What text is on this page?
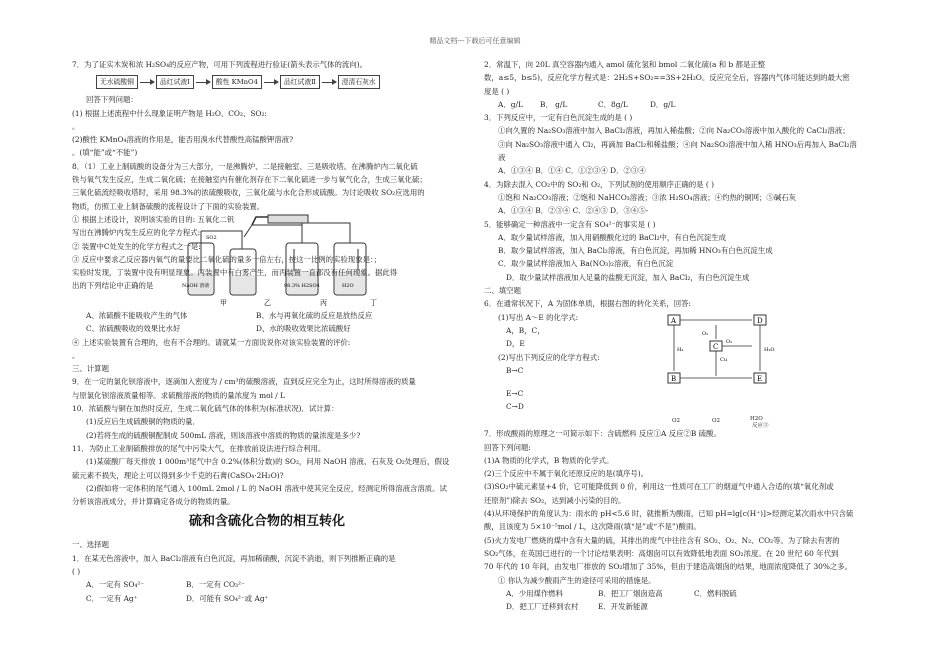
精品文档---下载后可任意编辑
7．为了证实木炭和浓 H₂SO₄的反应产物，可用下列流程进行验证(箭头表示气体的流向)。
无水硫酸铜	品红试液Ⅰ	酸性 KMnO4	品红试液Ⅱ	澄清石灰水
回答下列问题：
(1) 根据上述流程中什么现象证明产物是 H₂O、CO₂、SO₂:
。
(2)酸性 KMnO₄溶液的作用是，能否用溴水代替酸性高锰酸钾溶液?
。(填“能”或“不能”)
8．（1）工业上制硫酸的设备分为三大部分，一是沸腾炉、二是接触室、三是吸收塔。在沸腾炉内二氧化硫
铁与氧气发生反应，生成二氧化硫；在接触室内有催化剂存在下二氧化硫进一步与氧气化合，生成三氧化硫；
三氧化硫流经吸收塔时，采用 98.3%的浓硫酸吸收，三氧化硫与水化合形成硫酸。为讨论吸收 SO₂应选用的
物质，仿照工业上制备硫酸的流程设计了下面的实验装置。
甲	乙	丙	丁
NaOH 溶液	98.3% H2SO4	H2O
SO2
① 根据上述设计，说明该实验的目的: 五氧化二钒
写出在沸腾炉内发生反应的化学方程式:
② 装置中C处发生的化学方程式之一是:
③ 反应中要求乙反应器内氧气的量要比二氧化硫的量多一倍左右，按这一比例的实验现象是：；
实验时发现，丁装置中没有明显现象。丙装置中有白雾产生，而丙装置一直都没有任何现象。据此得
出的下列结论中正确的是
A、浓硫酸不能吸收产生的气体	B、水与再氧化硫的反应是放热反应
C、浓硫酸吸收的效果比水好	D、水的吸收效果比浓硫酸好
④ 上述实验装置有合理的，也有不合理的。请就某一方面说说你对该实验装置的评价:
。
三、计算题
9．在一定的氯化钡溶液中，逐滴加入密度为 / cm³的硫酸溶液，直到反应完全为止，这时所得溶液的质量
与原氯化钡溶液质量相等。求硫酸溶液的物质的量浓度为 mol / L
10．浓硫酸与铜在加热时反应，生成二氧化硫气体的体积为(标准状况)．试计算：
(1)反应后生成硫酸铜的物质的量．
(2)若将生成的硫酸铜配制成 500mL 溶液，则该溶液中溶质的物质的量浓度是多少?
11．为防止工业制硫酸排放的尾气中污染大气，在排放前设法进行综合利用。
(1)某硫酸厂每天排放 1 000m³尾气中含 0.2%(体积分数)的 SO₂，问用 NaOH 溶液、石灰及 O₂处理后，假设
硫元素不损失，理论上可以得到多少千克的石膏(CaSO₄·2H₂O)?
(2)假如将一定体积的尾气通入 100mL 2mol / L 的 NaOH 溶液中使其完全反应，经测定所得溶液含溶质。试
分析该溶液成分，并计算确定各成分的物质的量。
硫和含硫化合物的相互转化
一、选择题
1．在某无色溶液中，加入 BaCl₂溶液有白色沉淀，再加稀硝酸，沉淀不消逝，则下列推断正确的是
( )
A．一定有 SO₄²⁻	B．一定有 CO₃²⁻
C．一定有 Ag⁺	D．可能有 SO₄²⁻或 Ag⁺
2．常温下，向 20L 真空容器内通入 amol 硫化氢和 bmol 二氧化硫(a 和 b 都是正整
数，a≤5，b≤5)，反应化学方程式是：2H₂S+SO₂==3S+2H₂O。反应完全后，容器内气体可能达到的最大密
度是 ( )
A．g/L	B． g/L	C．8g/L	D．g/L
3．下列反应中，一定有白色沉淀生成的是 ( )
①向久置的 Na₂SO₃溶液中加入 BaCl₂溶液，再加入稀盐酸；②向 Na₂CO₃溶液中加入酸化的 CaCl₂溶液；
③向 Na₂SO₃溶液中通入 Cl₂，再滴加 BaCl₂和稀盐酸；④向 Na₂SO₃溶液中加入稀 HNO₃后再加入 BaCl₂溶
液
A．①③④ B．①④ C．①②③④ D．②③④
4．为除去混入 CO₂中的 SO₂和 O₂，下列试剂的使用顺序正确的是 ( )
①饱和 Na₂CO₃溶液；②饱和 NaHCO₃溶液；③浓 H₂SO₄溶液；④灼热的铜网；⑤碱石灰
A．①③④ B．②③④ C．②④③ D．③④⑤-
5．能够确定一种溶液中一定含有 SO₄²⁻的事实是 ( )
A．取少量试样溶液，加入用硝酸酸化过的 BaCl₂中，有白色沉淀生成
B．取少量试样溶液，加入 BaCl₂溶液，有白色沉淀，再加稀 HNO₃有白色沉淀生成
C．取少量试样溶液加入 Ba(NO₃)₂溶液，有白色沉淀
D．取少量试样溶液加入足量的盐酸无沉淀，加入 BaCl₂，有白色沉淀生成
二、填空题
6．在通常状况下，A 为固体单质，根据右图的转化关系，回答:
(1)写出 A～E 的化学式:
A，B，C，
D，E
(2)写出下列反应的化学方程式:
B→C
A	D
C
B	E
H₂
O₂
O₂
Cu
H₂O
E→C
C→D
O2	O2	H2O
反应③
7．形成酸雨的原理之一可简示如下：含硫燃料 反应①A 反应②B 硫酸。
回答下列问题:
(1)A 物质的化学式，B 物质的化学式。
(2)三个反应中不属于氧化还原反应的是(填序号)。
(3)SO₂中硫元素显+4 价，它可能降低到 0 价，利用这一性质可在工厂的烟道气中通入合适的(填“氧化剂或
还原剂”)除去 SO₂，达到减小污染的目的。
(4)从环境保护的角度认为：雨水的 pH<5.6 时，就推断为酸雨，已知 pH=lg[c(H⁺)]>经测定某次雨水中只含硫
酸，且该度为 5×10⁻⁵mol / L，这次降雨(填“是”或“不是”)酸雨。
(5)火力发电厂燃烧的煤中含有大量的硫，其排出的废气中往往含有 SO₂、O₂、N₂、CO₂等。为了除去有害的
SO₂气体，在英国已进行的一个讨论结果表明：高烟囱可以有效降低地表面 SO₂浓度。在 20 世纪 60 年代到
70 年代的 10 年间，由发电厂排放的 SO₂增加了 35%，但由于建造高烟囱的结果，地面浓度降低了 30%之多。
① 你认为减少酸雨产生的途径可采用的措施是。
A．少用煤作燃料	B．把工厂烟囱造高	C．燃料脱硫
D．把工厂迁移到农村	E．开发新能源
